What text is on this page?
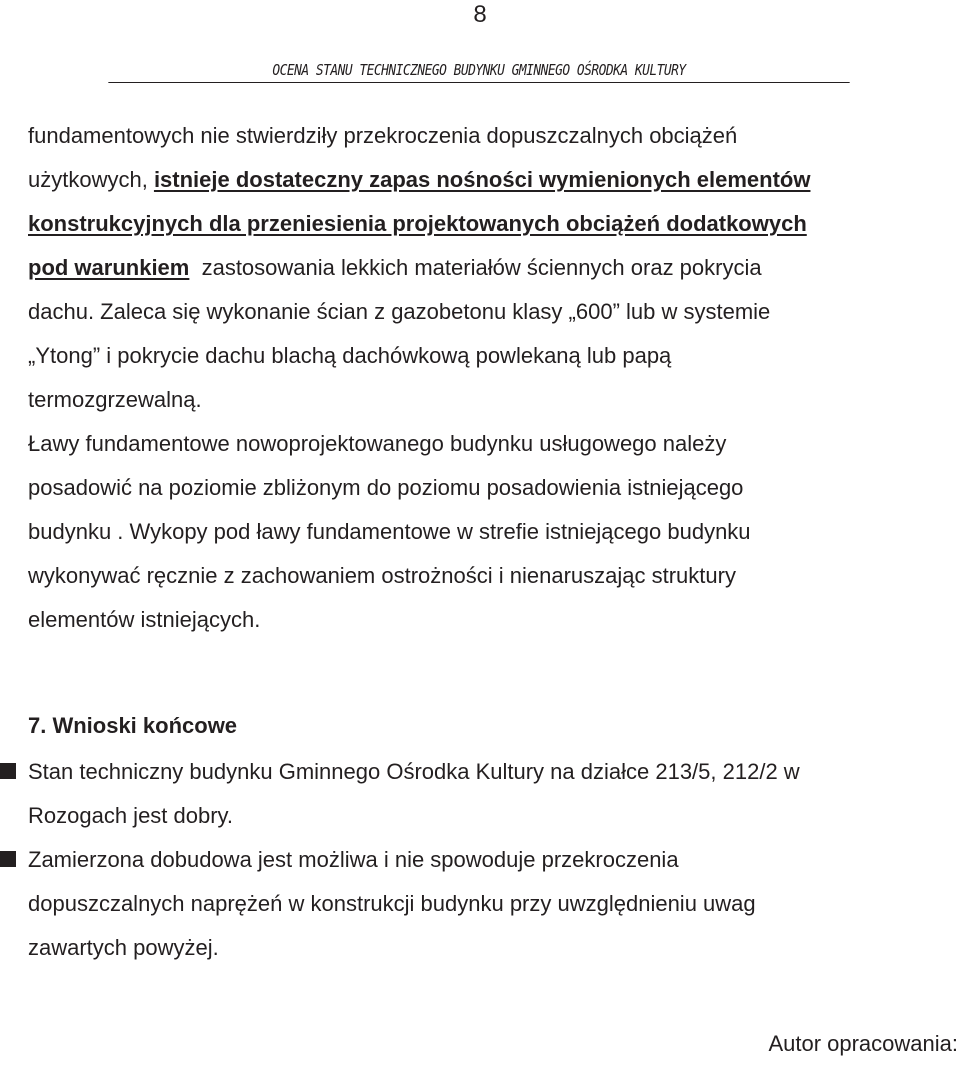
8
OCENA STANU TECHNICZNEGO BUDYNKU GMINNEGO OŚRODKA KULTURY
fundamentowych nie stwierdziły przekroczenia dopuszczalnych obciążeń
użytkowych, istnieje dostateczny zapas nośności wymienionych elementów
konstrukcyjnych dla przeniesienia projektowanych obciążeń dodatkowych
pod warunkiem  zastosowania lekkich materiałów ściennych oraz pokrycia
dachu. Zaleca się wykonanie ścian z gazobetonu klasy „600” lub w systemie
„Ytong” i pokrycie dachu blachą dachówkową powlekaną lub papą
termozgrzewalną.
Ławy fundamentowe nowoprojektowanego budynku usługowego należy
posadowić na poziomie zbliżonym do poziomu posadowienia istniejącego
budynku . Wykopy pod ławy fundamentowe w strefie istniejącego budynku
wykonywać ręcznie z zachowaniem ostrożności i nienaruszając struktury
elementów istniejących.
7. Wnioski końcowe
Stan techniczny budynku Gminnego Ośrodka Kultury na działce 213/5, 212/2 w
Rozogach jest dobry.
Zamierzona dobudowa jest możliwa i nie spowoduje przekroczenia
dopuszczalnych naprężeń w konstrukcji budynku przy uwzględnieniu uwag
zawartych powyżej.
Autor opracowania:
